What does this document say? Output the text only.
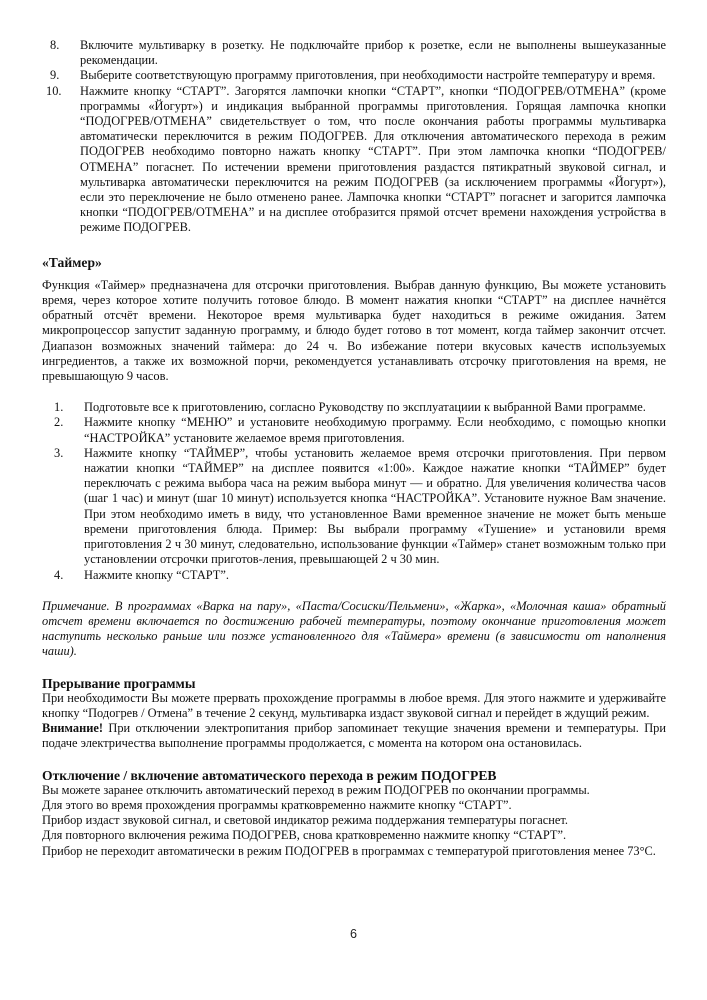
8. Включите мультиварку в розетку. Не подключайте прибор к розетке, если не выполнены вышеуказанные рекомендации.
9. Выберите соответствующую программу приготовления, при необходимости настройте температуру и время.
10. Нажмите кнопку “СТАРТ”. Загорятся лампочки кнопки “СТАРТ”, кнопки “ПОДОГРЕВ/ОТМЕНА” (кроме программы «Йогурт») и индикация выбранной программы приготовления. Горящая лампочка кнопки “ПОДОГРЕВ/ОТМЕНА” свидетельствует о том, что после окончания работы программы мультиварка автоматически переключится в режим ПОДОГРЕВ. Для отключения автоматического перехода в режим ПОДОГРЕВ необходимо повторно нажать кнопку “СТАРТ”. При этом лампочка кнопки “ПОДОГРЕВ/ОТМЕНА” погаснет. По истечении времени приготовления раздастся пятикратный звуковой сигнал, и мультиварка автоматически переключится на режим ПОДОГРЕВ (за исключением программы «Йогурт»), если это переключение не было отменено ранее. Лампочка кнопки “СТАРТ” погаснет и загорится лампочка кнопки “ПОДОГРЕВ/ОТМЕНА” и на дисплее отобразится прямой отсчет времени нахождения устройства в режиме ПОДОГРЕВ.
«Таймер»

Функция «Таймер» предназначена для отсрочки приготовления. Выбрав данную функцию, Вы можете установить время, через которое хотите получить готовое блюдо. В момент нажатия кнопки “СТАРТ” на дисплее начнётся обратный отсчёт времени. Некоторое время мультиварка будет находиться в режиме ожидания. Затем микропроцессор запустит заданную программу, и блюдо будет готово в тот момент, когда таймер закончит отсчет. Диапазон возможных значений таймера: до 24 ч. Во избежание потери вкусовых качеств используемых ингредиентов, а также их возможной порчи, рекомендуется устанавливать отсрочку приготовления на время, не превышающую 9 часов.

1. Подготовьте все к приготовлению, согласно Руководству по эксплуатациии к выбранной Вами программе.
2. Нажмите кнопку “МЕНЮ” и установите необходимую программу. Если необходимо, с помощью кнопки “НАСТРОЙКА” установите желаемое время приготовления.
3. Нажмите кнопку “ТАЙМЕР”, чтобы установить желаемое время отсрочки приготовления. При первом нажатии кнопки “ТАЙМЕР” на дисплее появится «1:00». Каждое нажатие кнопки “ТАЙМЕР” будет переключать с режима выбора часа на режим выбора минут — и обратно. Для увеличения количества часов (шаг 1 час) и минут (шаг 10 минут) используется кнопка “НАСТРОЙКА”. Установите нужное Вам значение. При этом необходимо иметь в виду, что установленное Вами временное значение не может быть меньше времени приготовления блюда. Пример: Вы выбрали программу «Тушение» и установили время приготовления 2 ч 30 минут, следовательно, использование функции «Таймер» станет возможным только при установлении отсрочки приготов-ления, превышающей 2 ч 30 мин.
4. Нажмите кнопку “СТАРТ”.

Примечание. В программах «Варка на пару», «Паста/Сосиски/Пельмени», «Жарка», «Молочная каша» обратный отсчет времени включается по достижению рабочей температуры, поэтому окончание приготовления может наступить несколько раньше или позже установленного для «Таймера» времени (в зависимости от наполнения чаши).

Прерывание программы

При необходимости Вы можете прервать прохождение программы в любое время. Для этого нажмите и удерживайте кнопку “Подогрев / Отмена” в течение 2 секунд, мультиварка издаст звуковой сигнал и перейдет в ждущий режим.

Внимание! При отключении электропитания прибор запоминает текущие значения времени и температуры. При подаче электричества выполнение программы продолжается, с момента на котором она остановилась.

Отключение / включение автоматического перехода в режим ПОДОГРЕВ

Вы можете заранее отключить автоматический переход в режим ПОДОГРЕВ по окончании программы.

Для этого во время прохождения программы кратковременно нажмите кнопку “СТАРТ”.

Прибор издаст звуковой сигнал, и световой индикатор режима поддержания температуры погаснет.

Для повторного включения режима ПОДОГРЕВ, снова кратковременно нажмите кнопку “СТАРТ”.

Прибор не переходит автоматически в режим ПОДОГРЕВ в программах с температурой приготовления менее 73°С.

6
